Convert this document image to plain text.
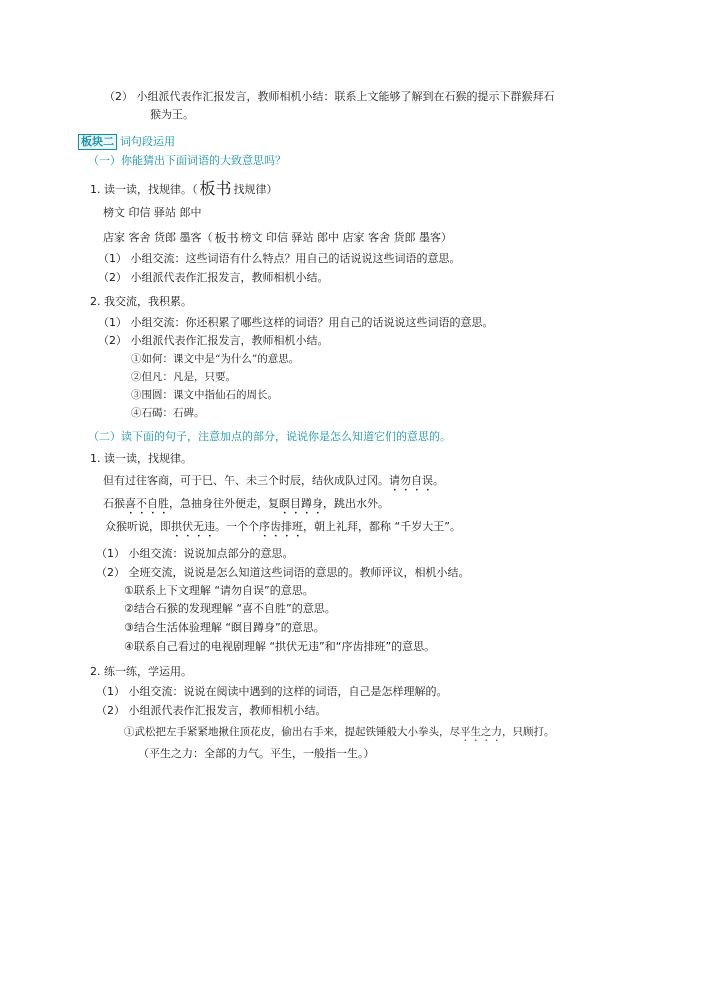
（2） 小组派代表作汇报发言，教师相机小结：联系上文能够了解到在石猴的提示下群猴拜石
猴为王。
板块二 词句段运用
（一）你能猜出下面词语的大致意思吗？
1. 读一读，找规律。（ 板书 找规律）
榜文 印信 驿站 郎中
店家 客舍 货郎 墨客（ 板书 榜文 印信 驿站 郎中 店家 客舍 货郎 墨客）
（1） 小组交流：这些词语有什么特点？用自己的话说说这些词语的意思。
（2） 小组派代表作汇报发言，教师相机小结。
2. 我交流，我积累。
（1） 小组交流：你还积累了哪些这样的词语？用自己的话说说这些词语的意思。
（2） 小组派代表作汇报发言，教师相机小结。
①如何：课文中是“为什么”的意思。
②但凡：凡是，只要。
③围圆：课文中指仙石的周长。
④石碣：石碑。
（二）读下面的句子，注意加点的部分，说说你是怎么知道它们的意思的。
1. 读一读，找规律。
但有过往客商，可于巳、午、未三个时辰，结伙成队过冈。请勿自误。
石猴喜不自胜，急抽身往外便走，复瞑目蹲身，跳出水外。
众猴听说，即拱伏无违。一个个序齿排班，朝上礼拜，都称 “千岁大王”。
（1） 小组交流：说说加点部分的意思。
（2） 全班交流，说说是怎么知道这些词语的意思的。教师评议，相机小结。
①联系上下文理解 “请勿自误”的意思。
②结合石猴的发现理解 “喜不自胜”的意思。
③结合生活体验理解 “瞑目蹲身”的意思。
④联系自己看过的电视剧理解 “拱伏无违”和“序齿排班”的意思。
2. 练一练，学运用。
（1） 小组交流：说说在阅读中遇到的这样的词语，自己是怎样理解的。
（2） 小组派代表作汇报发言，教师相机小结。
①武松把左手紧紧地揪住顶花皮，偷出右手来，提起铁锤般大小拳头，尽平生之力，只顾打。
（平生之力：全部的力气。平生，一般指一生。）
